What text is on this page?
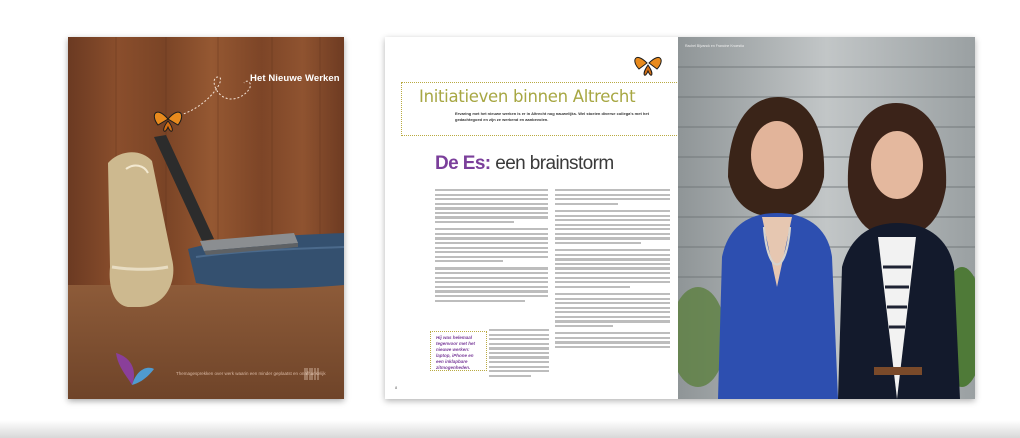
Het Nieuwe Werken
Themagesprekken over werk waarin een minder geplaatst en onafhankelijk
Initiatieven binnen Altrecht
Ervaring met het nieuwe werken is er in Altrecht nog nauwelijks. Wel stoeien diverse collega's met het gedachtegoed en zijn ze werkend en aanbevolen.
De Es: een brainstorm
Hij was helemaal tegenvoor met het nieuwe werken: laptop, iPhone en een inklapbare zitmogenheden.
8
Rachel Bijvanck en Francine Knoestia
